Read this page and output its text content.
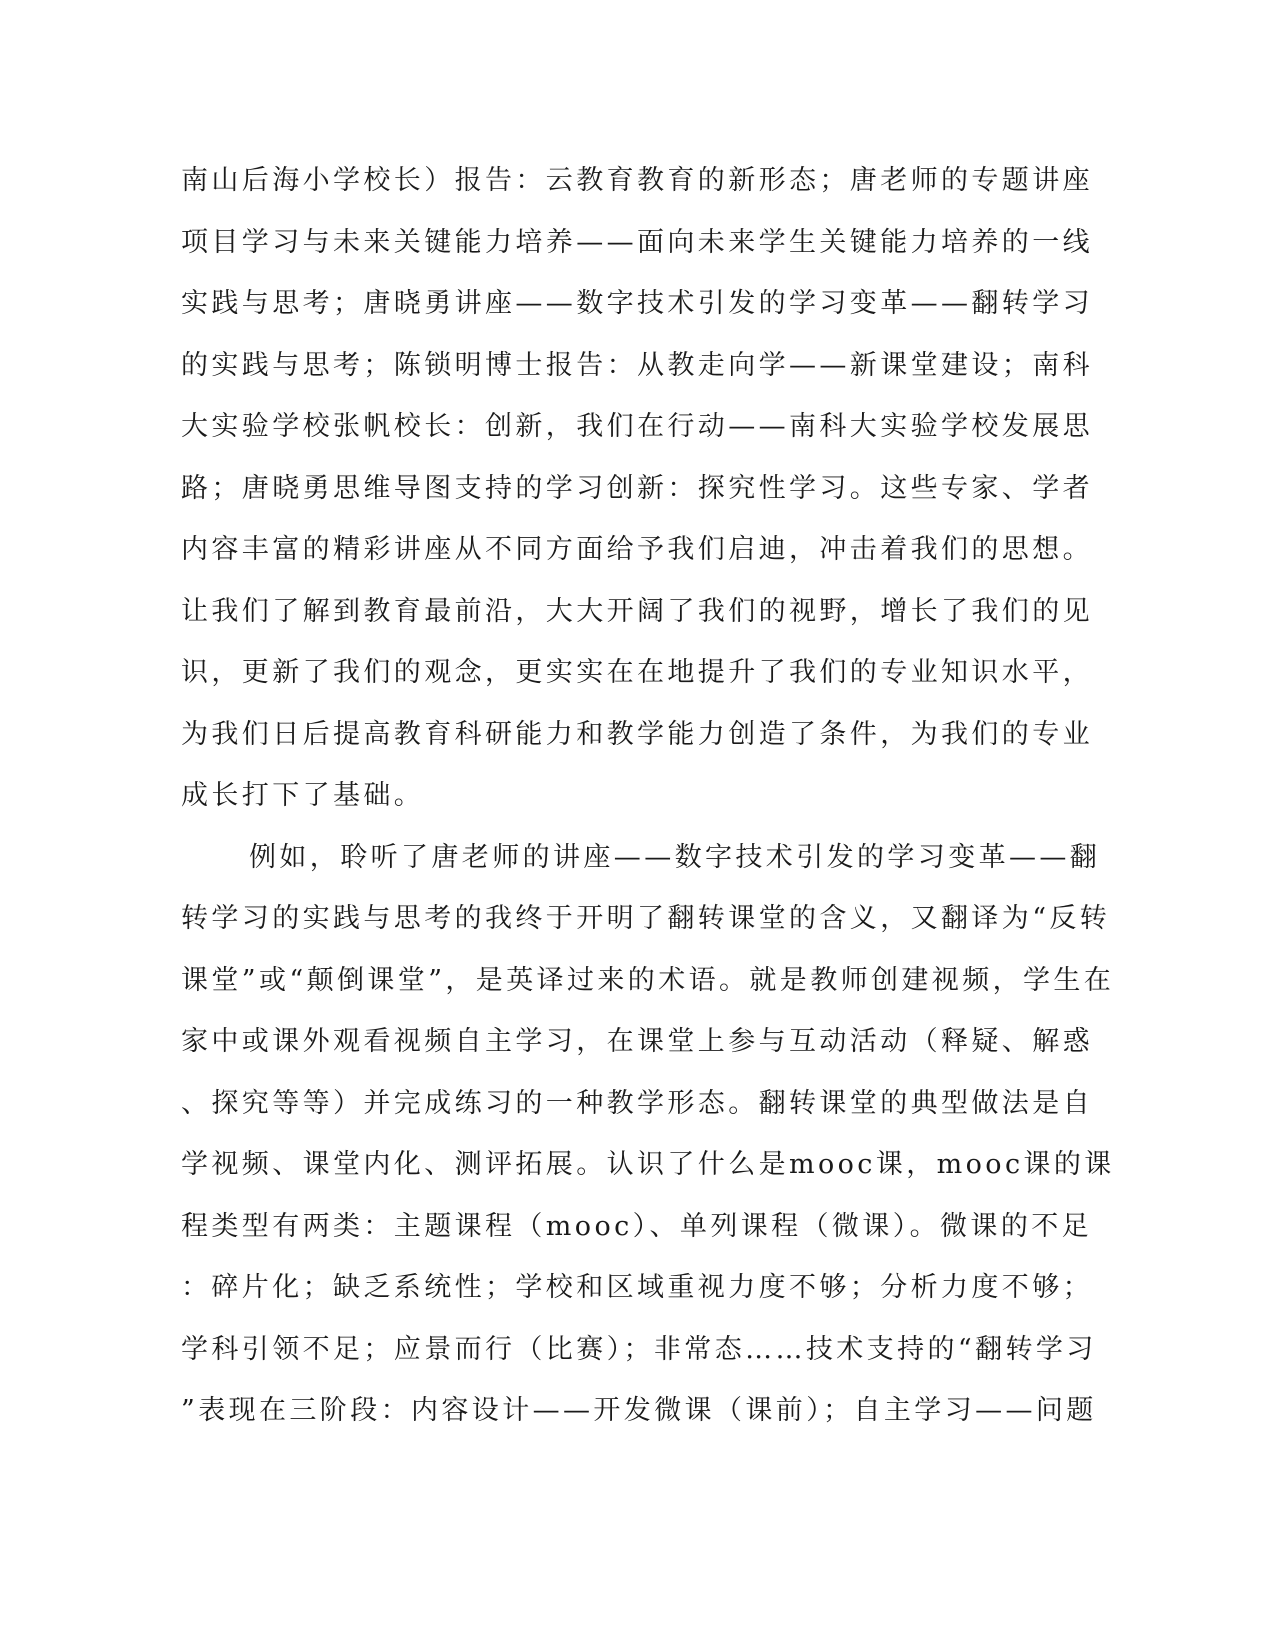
南山后海小学校长）报告：云教育教育的新形态；唐老师的专题讲座
项目学习与未来关键能力培养——面向未来学生关键能力培养的一线
实践与思考；唐晓勇讲座——数字技术引发的学习变革——翻转学习
的实践与思考；陈锁明博士报告：从教走向学——新课堂建设；南科
大实验学校张帆校长：创新，我们在行动——南科大实验学校发展思
路；唐晓勇思维导图支持的学习创新：探究性学习。这些专家、学者
内容丰富的精彩讲座从不同方面给予我们启迪，冲击着我们的思想。
让我们了解到教育最前沿，大大开阔了我们的视野，增长了我们的见
识，更新了我们的观念，更实实在在地提升了我们的专业知识水平，
为我们日后提高教育科研能力和教学能力创造了条件，为我们的专业
成长打下了基础。
例如，聆听了唐老师的讲座——数字技术引发的学习变革——翻
转学习的实践与思考的我终于开明了翻转课堂的含义，又翻译为“反转
课堂”或“颠倒课堂”，是英译过来的术语。就是教师创建视频，学生在
家中或课外观看视频自主学习，在课堂上参与互动活动（释疑、解惑
、探究等等）并完成练习的一种教学形态。翻转课堂的典型做法是自
学视频、课堂内化、测评拓展。认识了什么是mooc课，mooc课的课
程类型有两类：主题课程（mooc）、单列课程（微课）。微课的不足
：碎片化；缺乏系统性；学校和区域重视力度不够；分析力度不够；
学科引领不足；应景而行（比赛）；非常态……技术支持的“翻转学习
”表现在三阶段：内容设计——开发微课（课前）；自主学习——问题
